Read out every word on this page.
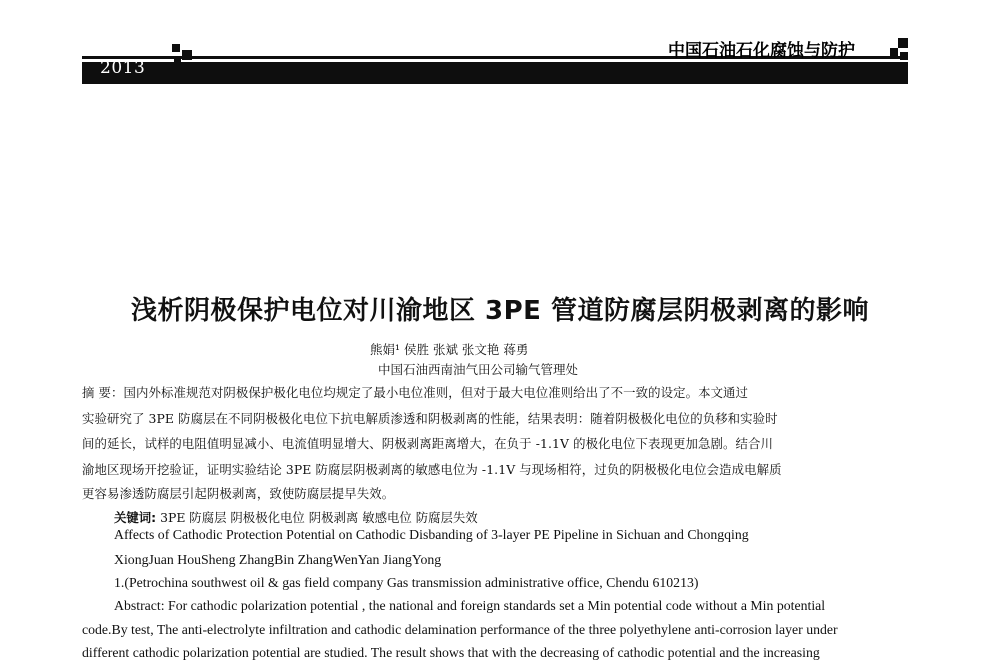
2013
中国石油石化腐蚀与防护
浅析阴极保护电位对川渝地区 3PE 管道防腐层阴极剥离的影响
熊娟¹ 侯胜 张斌 张文艳 蒋勇
中国石油西南油气田公司输气管理处
摘 要：国内外标准规范对阴极保护极化电位均规定了最小电位准则，但对于最大电位准则给出了不一致的设定。本文通过
实验研究了 3PE 防腐层在不同阴极极化电位下抗电解质渗透和阴极剥离的性能，结果表明：随着阴极极化电位的负移和实验时
间的延长，试样的电阻值明显减小、电流值明显增大、阴极剥离距离增大，在负于 -1.1V 的极化电位下表现更加急剧。结合川
渝地区现场开挖验证，证明实验结论 3PE 防腐层阴极剥离的敏感电位为 -1.1V 与现场相符，过负的阴极极化电位会造成电解质
更容易渗透防腐层引起阴极剥离，致使防腐层提早失效。
关键词: 3PE 防腐层 阴极极化电位 阴极剥离 敏感电位 防腐层失效
Affects of Cathodic Protection Potential on Cathodic Disbanding of 3-layer PE Pipeline in Sichuan and Chongqing
XiongJuan HouSheng ZhangBin ZhangWenYan JiangYong
1.(Petrochina southwest oil & gas field company Gas transmission administrative office, Chendu 610213)
Abstract: For cathodic polarization potential , the national and foreign standards set a Min potential code without a Min potential
code.By test, The anti-electrolyte infiltration and cathodic delamination performance of the three polyethylene anti-corrosion layer under
different cathodic polarization potential are studied. The result shows that with the decreasing of cathodic potential and the increasing
